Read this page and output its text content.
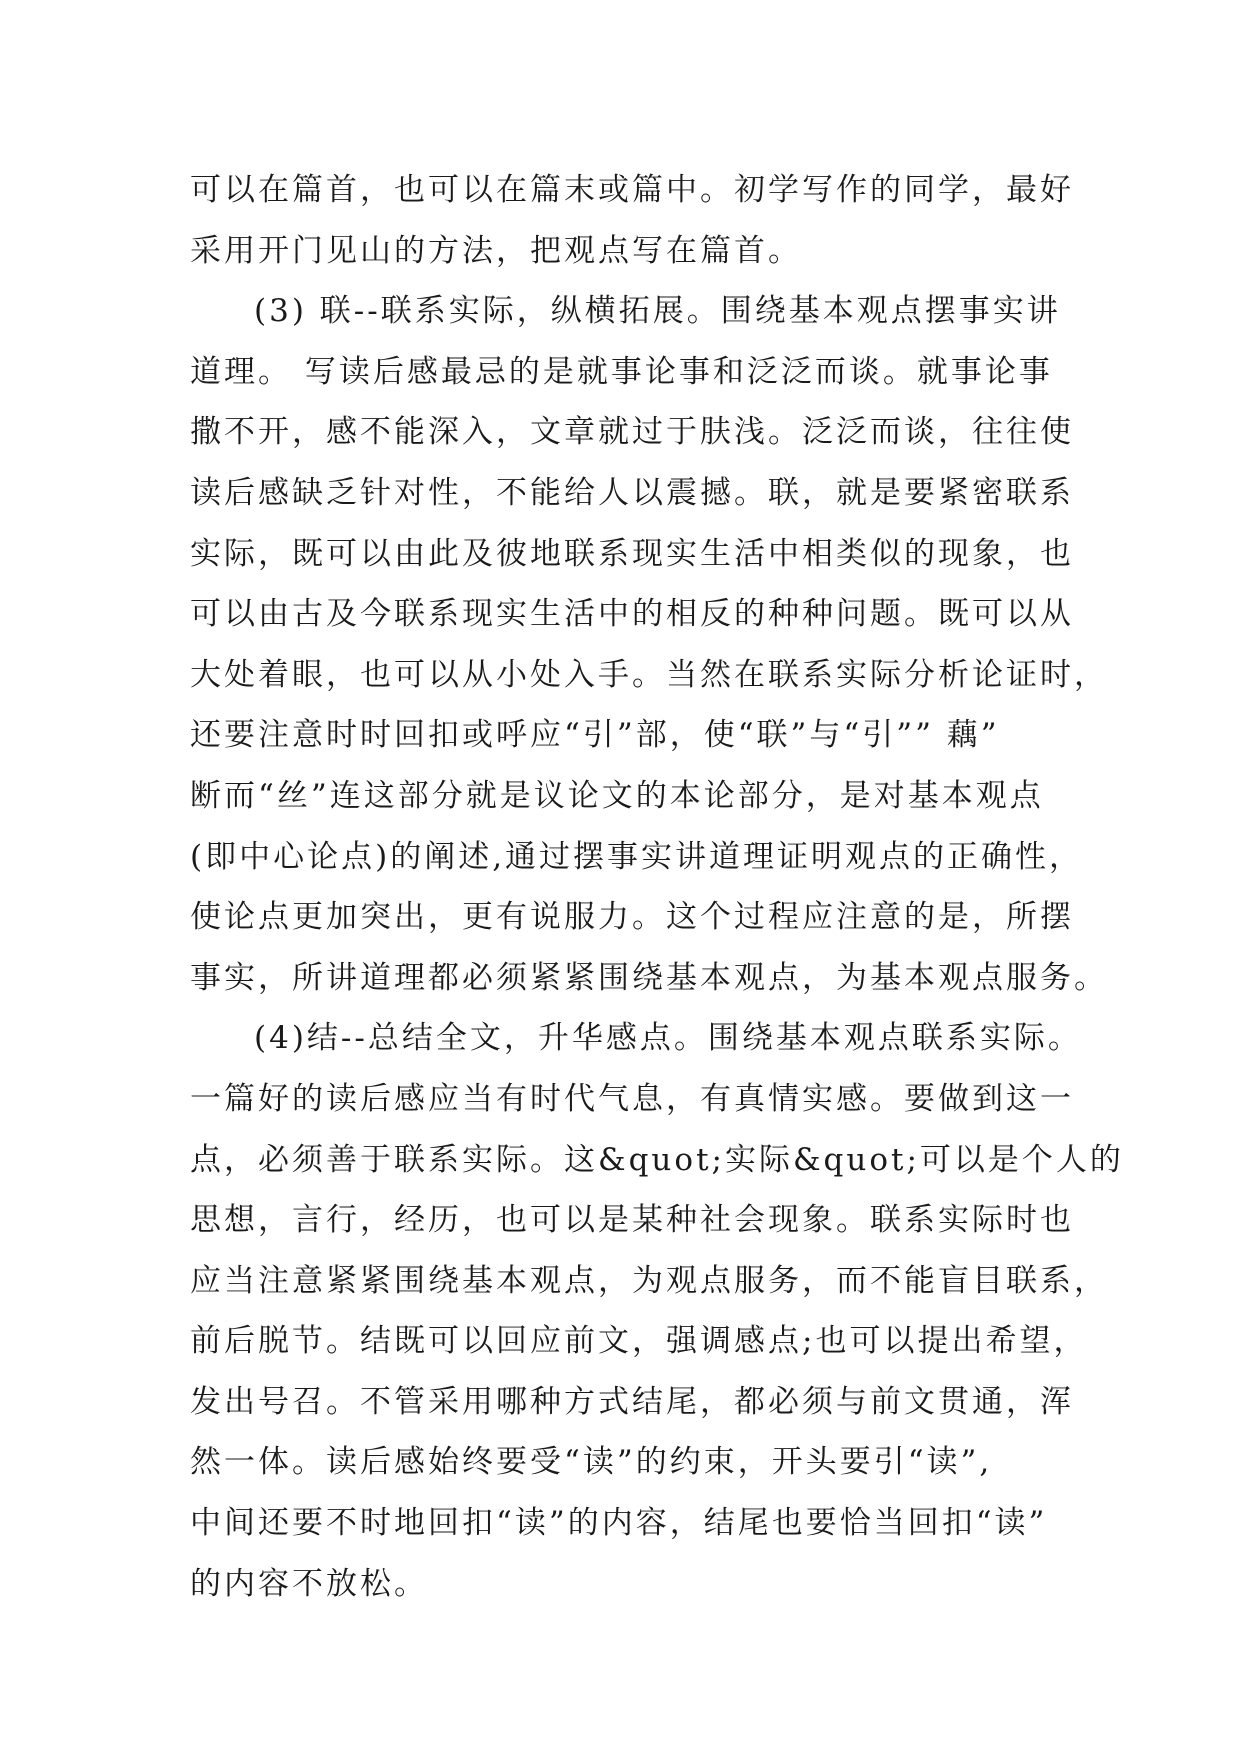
可以在篇首，也可以在篇末或篇中。初学写作的同学，最好
采用开门见山的方法，把观点写在篇首。
(3) 联--联系实际，纵横拓展。围绕基本观点摆事实讲
道理。 写读后感最忌的是就事论事和泛泛而谈。就事论事
撒不开，感不能深入，文章就过于肤浅。泛泛而谈，往往使
读后感缺乏针对性，不能给人以震撼。联，就是要紧密联系
实际，既可以由此及彼地联系现实生活中相类似的现象，也
可以由古及今联系现实生活中的相反的种种问题。既可以从
大处着眼，也可以从小处入手。当然在联系实际分析论证时，
还要注意时时回扣或呼应“引”部，使“联”与“引”” 藕”
断而“丝”连这部分就是议论文的本论部分，是对基本观点
(即中心论点)的阐述,通过摆事实讲道理证明观点的正确性，
使论点更加突出，更有说服力。这个过程应注意的是，所摆
事实，所讲道理都必须紧紧围绕基本观点，为基本观点服务。
(4)结--总结全文，升华感点。围绕基本观点联系实际。
一篇好的读后感应当有时代气息，有真情实感。要做到这一
点，必须善于联系实际。这&quot;实际&quot;可以是个人的
思想，言行，经历，也可以是某种社会现象。联系实际时也
应当注意紧紧围绕基本观点，为观点服务，而不能盲目联系，
前后脱节。结既可以回应前文，强调感点;也可以提出希望，
发出号召。不管采用哪种方式结尾，都必须与前文贯通，浑
然一体。读后感始终要受“读”的约束，开头要引“读”,
中间还要不时地回扣“读”的内容，结尾也要恰当回扣“读”
的内容不放松。
